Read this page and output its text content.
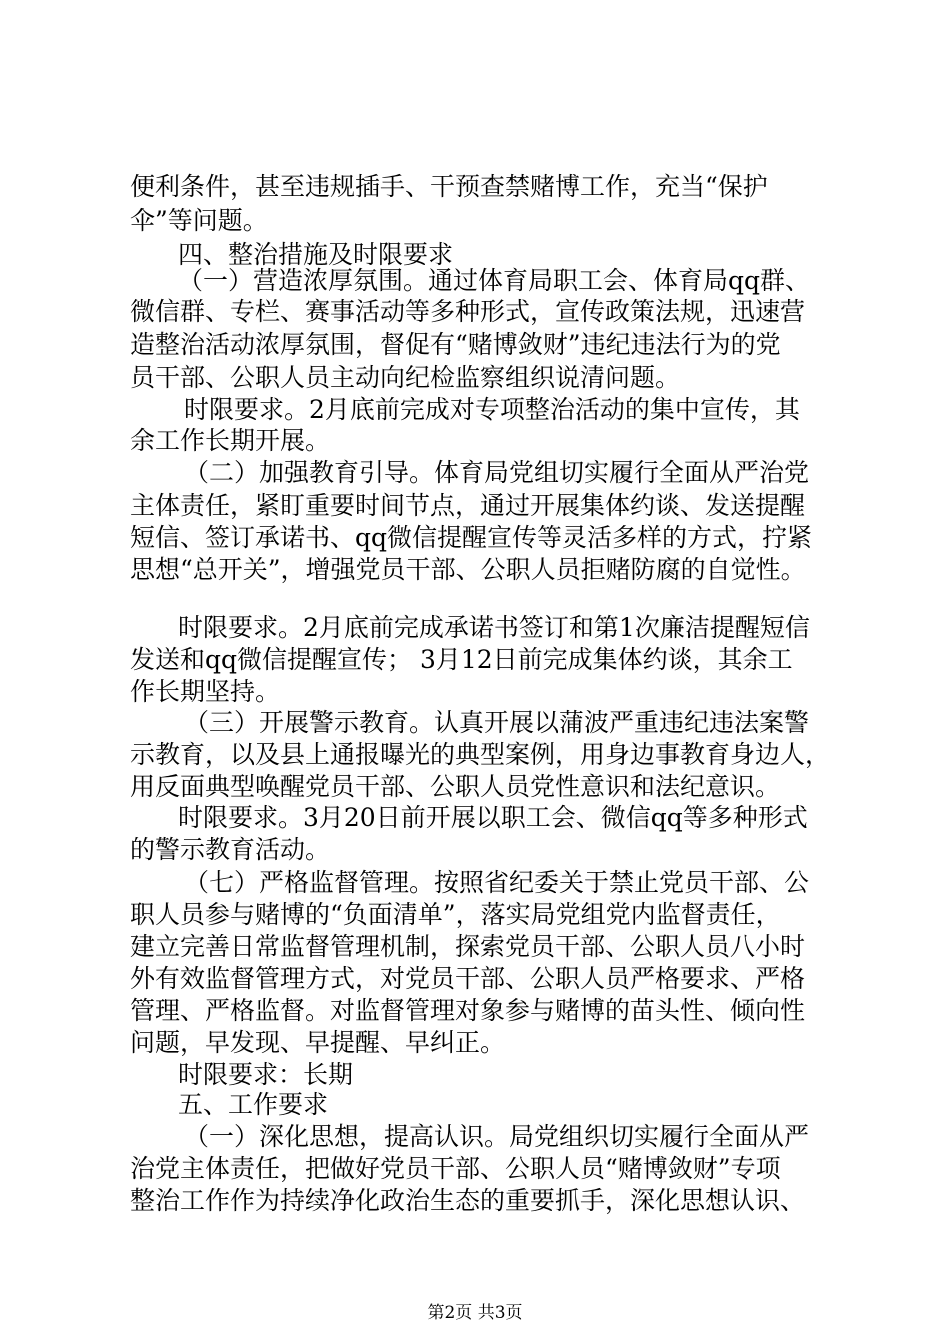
便利条件，甚至违规插手、干预查禁赌博工作，充当“保护
伞”等问题。
四、整治措施及时限要求
（一）营造浓厚氛围。通过体育局职工会、体育局qq群、
微信群、专栏、赛事活动等多种形式，宣传政策法规，迅速营
造整治活动浓厚氛围，督促有“赌博敛财”违纪违法行为的党
员干部、公职人员主动向纪检监察组织说清问题。
时限要求。2月底前完成对专项整治活动的集中宣传，其
余工作长期开展。
（二）加强教育引导。体育局党组切实履行全面从严治党
主体责任，紧盯重要时间节点，通过开展集体约谈、发送提醒
短信、签订承诺书、qq微信提醒宣传等灵活多样的方式，拧紧
思想“总开关”，增强党员干部、公职人员拒赌防腐的自觉性。
时限要求。2月底前完成承诺书签订和第1次廉洁提醒短信
发送和qq微信提醒宣传； 3月12日前完成集体约谈，其余工
作长期坚持。
（三）开展警示教育。认真开展以蒲波严重违纪违法案警
示教育，以及县上通报曝光的典型案例，用身边事教育身边人，
用反面典型唤醒党员干部、公职人员党性意识和法纪意识。
时限要求。3月20日前开展以职工会、微信qq等多种形式
的警示教育活动。
（七）严格监督管理。按照省纪委关于禁止党员干部、公
职人员参与赌博的“负面清单”，落实局党组党内监督责任，
建立完善日常监督管理机制，探索党员干部、公职人员八小时
外有效监督管理方式，对党员干部、公职人员严格要求、严格
管理、严格监督。对监督管理对象参与赌博的苗头性、倾向性
问题，早发现、早提醒、早纠正。
时限要求：长期
五、工作要求
（一）深化思想，提高认识。局党组织切实履行全面从严
治党主体责任，把做好党员干部、公职人员“赌博敛财”专项
整治工作作为持续净化政治生态的重要抓手，深化思想认识、
第2页 共3页
